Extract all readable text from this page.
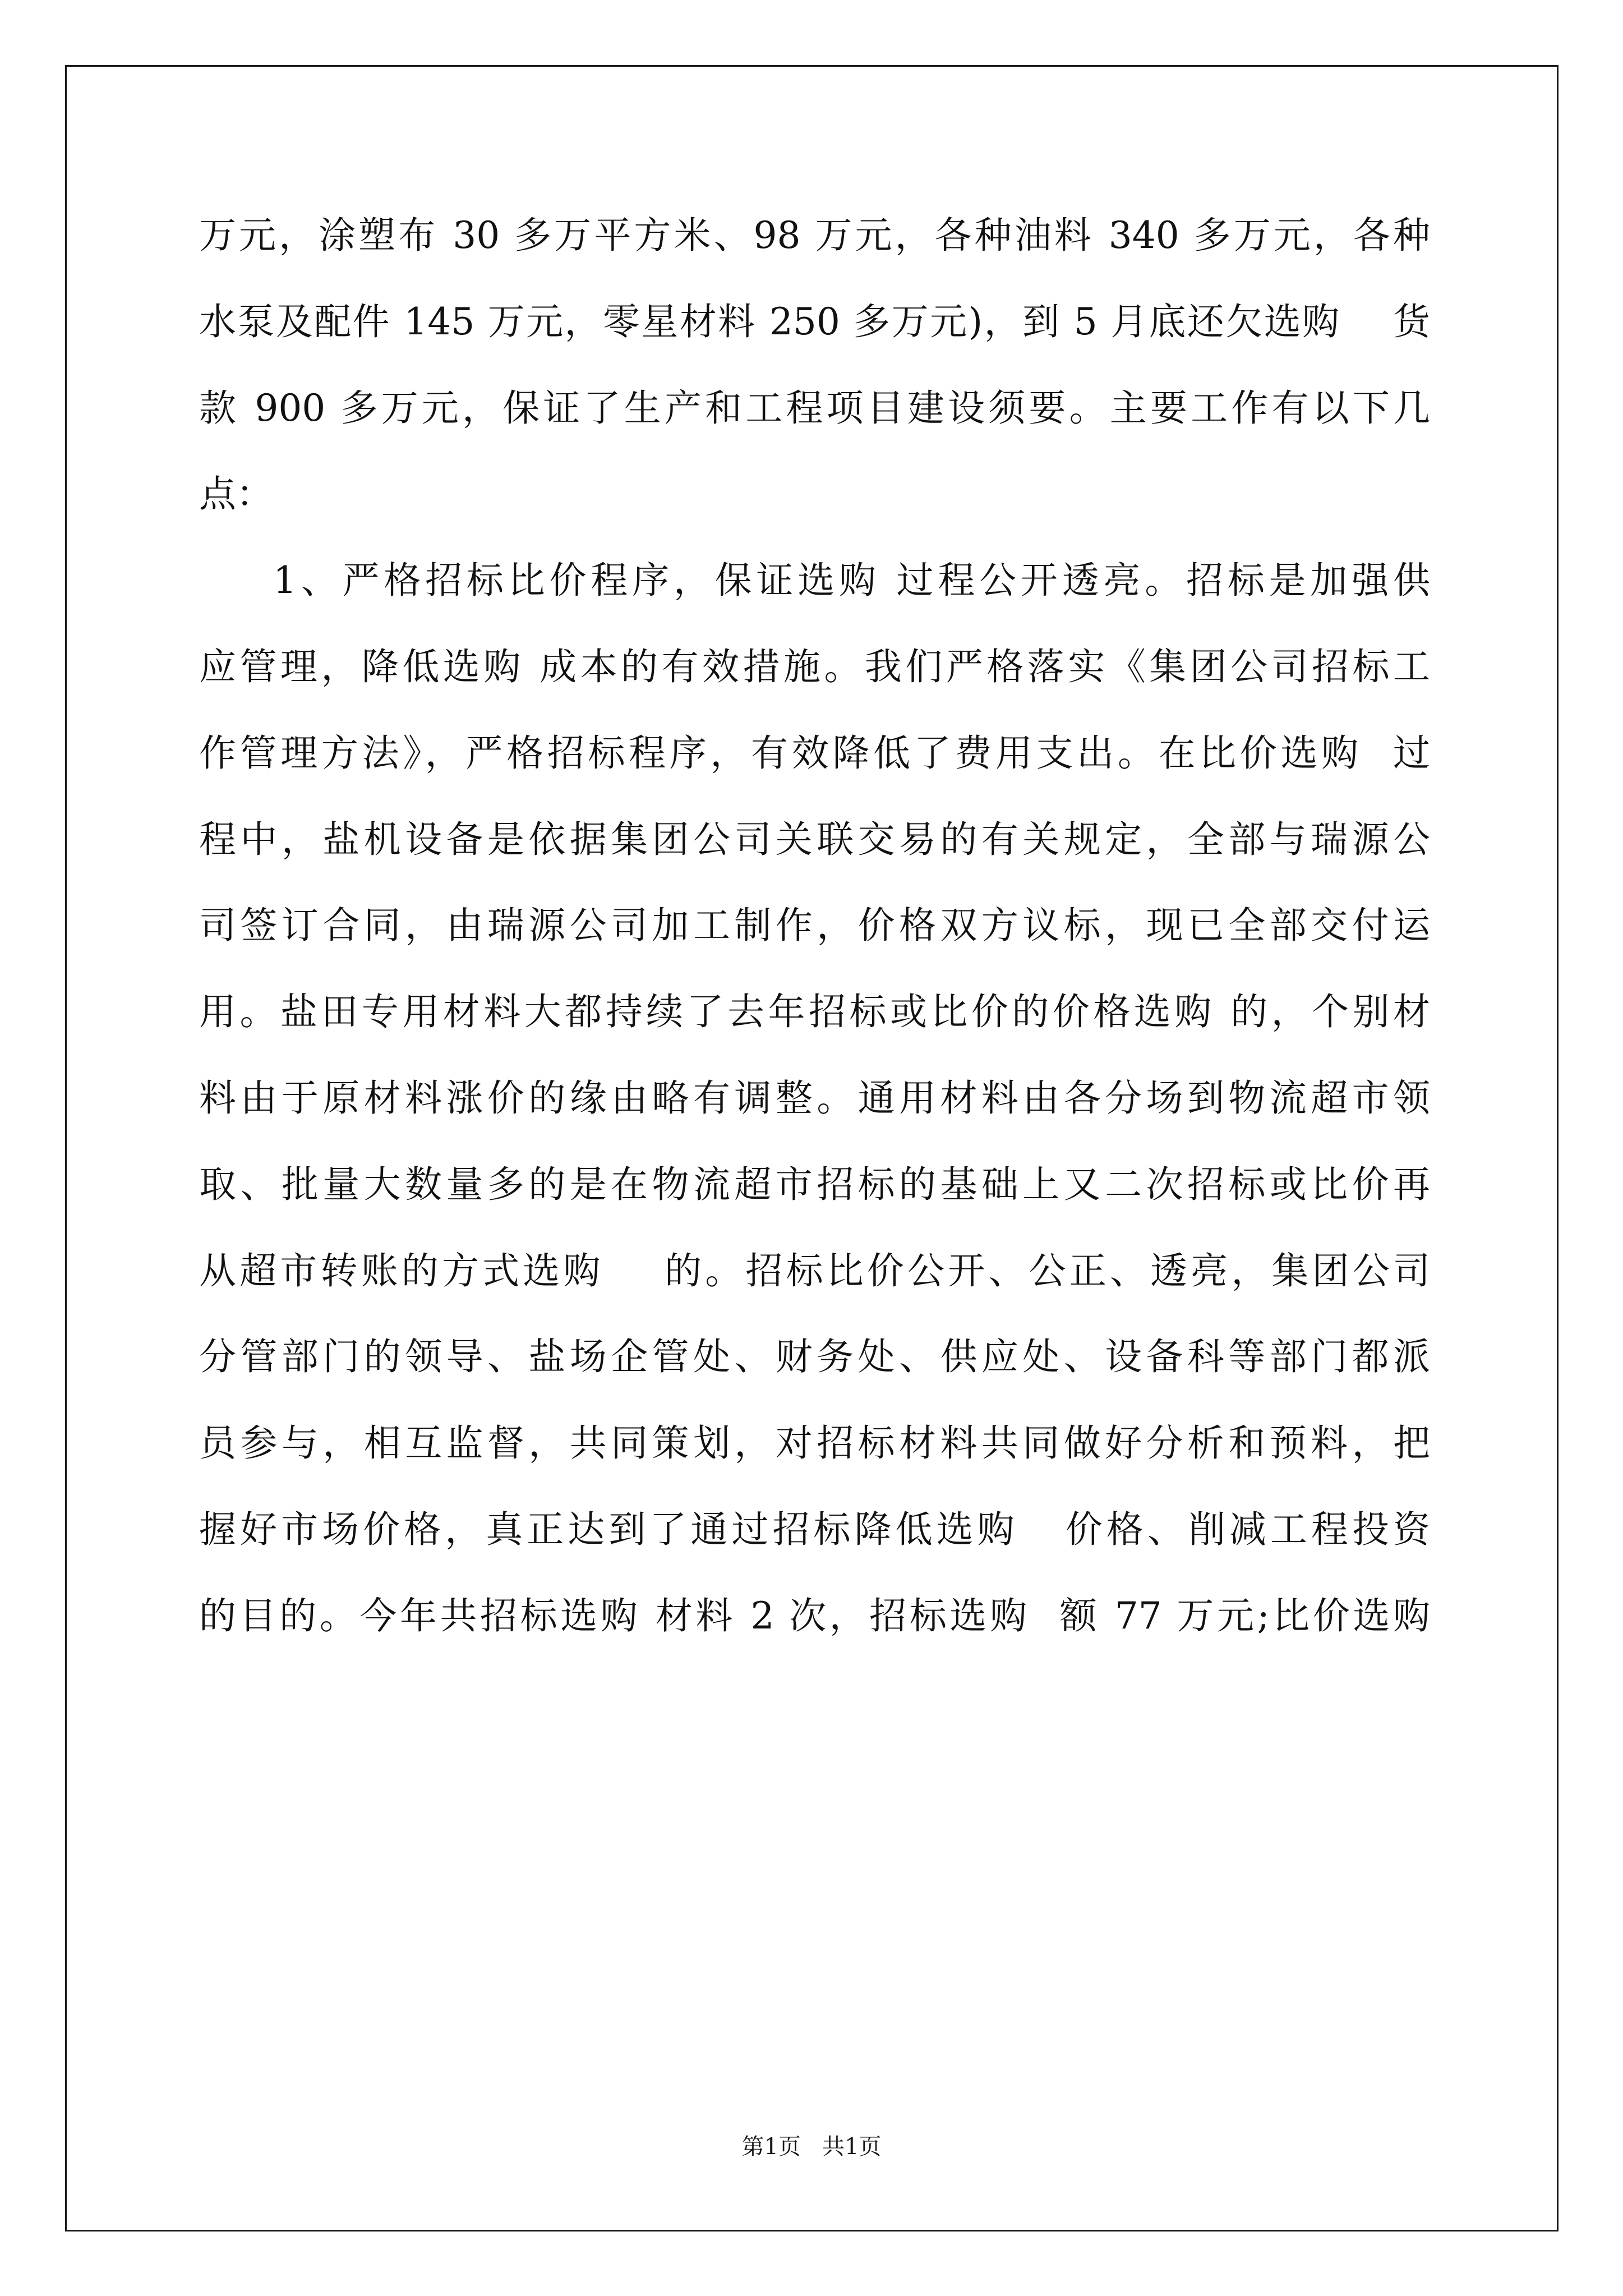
万元，涂塑布 30 多万平方米、98 万元，各种油料 340 多万元，各种
水泵及配件 145 万元，零星材料 250 多万元)，到 5 月底还欠选购    货
款 900 多万元，保证了生产和工程项目建设须要。主要工作有以下几
点：
1、严格招标比价程序，保证选购 过程公开透亮。招标是加强供
应管理，降低选购 成本的有效措施。我们严格落实《集团公司招标工
作管理方法》，严格招标程序，有效降低了费用支出。在比价选购  过
程中，盐机设备是依据集团公司关联交易的有关规定，全部与瑞源公
司签订合同，由瑞源公司加工制作，价格双方议标，现已全部交付运
用。盐田专用材料大都持续了去年招标或比价的价格选购 的，个别材
料由于原材料涨价的缘由略有调整。通用材料由各分场到物流超市领
取、批量大数量多的是在物流超市招标的基础上又二次招标或比价再
从超市转账的方式选购    的。招标比价公开、公正、透亮，集团公司
分管部门的领导、盐场企管处、财务处、供应处、设备科等部门都派
员参与，相互监督，共同策划，对招标材料共同做好分析和预料，把
握好市场价格，真正达到了通过招标降低选购   价格、削减工程投资
的目的。今年共招标选购 材料 2 次，招标选购  额 77 万元;比价选购
第1页   共1页
